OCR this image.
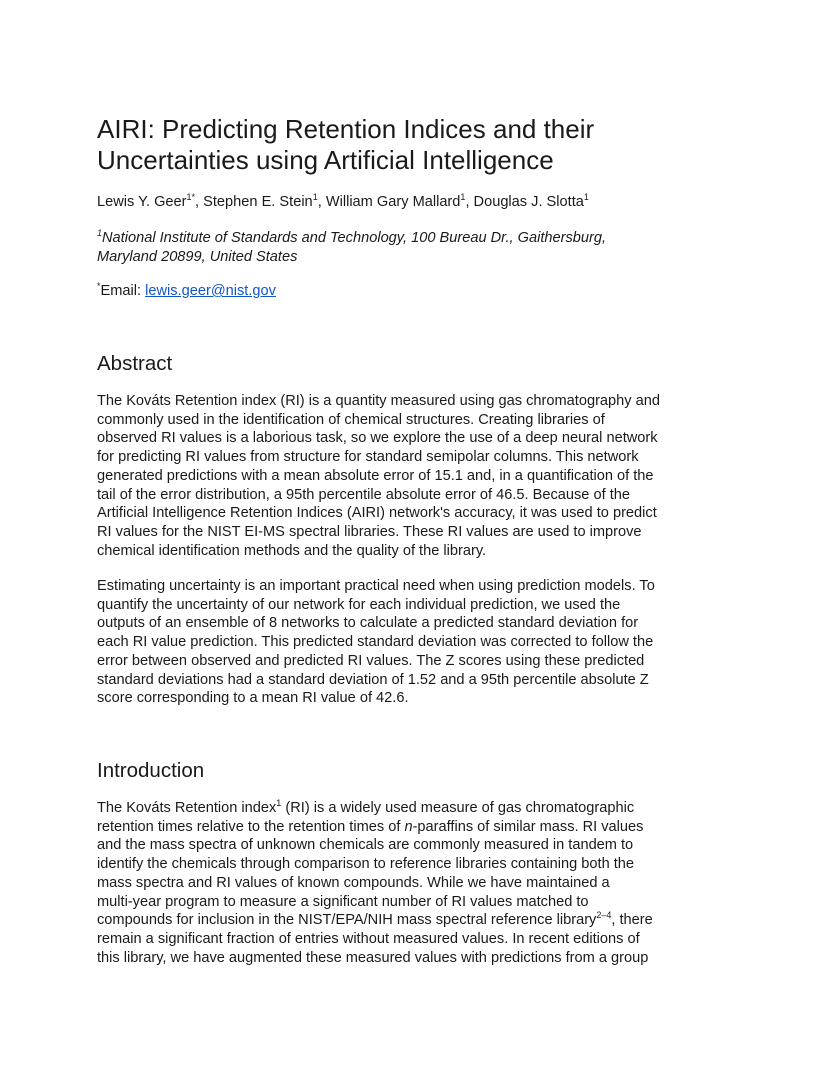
AIRI: Predicting Retention Indices and their
Uncertainties using Artificial Intelligence
Lewis Y. Geer$^{1*}$, Stephen E. Stein$^1$, William Gary Mallard$^1$, Douglas J. Slotta$^1$
$^1$National Institute of Standards and Technology, 100 Bureau Dr., Gaithersburg,
Maryland 20899, United States
*Email: lewis.geer@nist.gov
Abstract

The Kováts Retention index (RI) is a quantity measured using gas chromatography and
commonly used in the identification of chemical structures. Creating libraries of
observed RI values is a laborious task, so we explore the use of a deep neural network
for predicting RI values from structure for standard semipolar columns. This network
generated predictions with a mean absolute error of 15.1 and, in a quantification of the
tail of the error distribution, a 95th percentile absolute error of 46.5. Because of the
Artificial Intelligence Retention Indices (AIRI) network's accuracy, it was used to predict
RI values for the NIST EI-MS spectral libraries. These RI values are used to improve
chemical identification methods and the quality of the library.

Estimating uncertainty is an important practical need when using prediction models. To
quantify the uncertainty of our network for each individual prediction, we used the
outputs of an ensemble of 8 networks to calculate a predicted standard deviation for
each RI value prediction. This predicted standard deviation was corrected to follow the
error between observed and predicted RI values. The Z scores using these predicted
standard deviations had a standard deviation of 1.52 and a 95th percentile absolute Z
score corresponding to a mean RI value of 42.6.

Introduction

The Kováts Retention index$^1$ (RI) is a widely used measure of gas chromatographic
retention times relative to the retention times of n-paraffins of similar mass. RI values
and the mass spectra of unknown chemicals are commonly measured in tandem to
identify the chemicals through comparison to reference libraries containing both the
mass spectra and RI values of known compounds. While we have maintained a
multi-year program to measure a significant number of RI values matched to
compounds for inclusion in the NIST/EPA/NIH mass spectral reference library$^{2-4}$, there
remain a significant fraction of entries without measured values. In recent editions of
this library, we have augmented these measured values with predictions from a group
